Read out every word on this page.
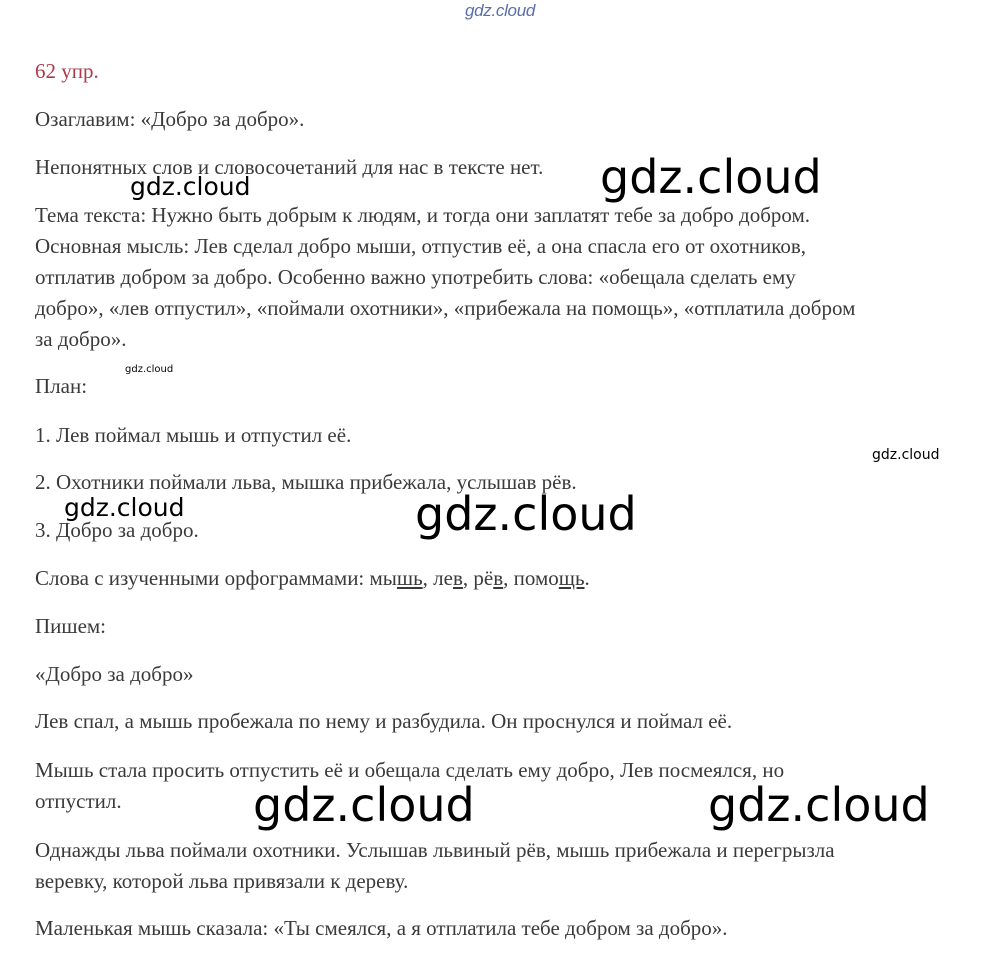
gdz.cloud

62 упр.

Озаглавим: «Добро за добро».

Непонятных слов и словосочетаний для нас в тексте нет.

Тема текста: Нужно быть добрым к людям, и тогда они заплатят тебе за добро добром.

Основная мысль: Лев сделал добро мыши, отпустив её, а она спасла его от охотников,

отплатив добром за добро. Особенно важно употребить слова: «обещала сделать ему

добро», «лев отпустил», «поймали охотники», «прибежала на помощь», «отплатила добром

за добро».

План:

1. Лев поймал мышь и отпустил её.

2. Охотники поймали льва, мышка прибежала, услышав рёв.

3. Добро за добро.

Слова с изученными орфограммами: мышь, лев, рёв, помощь.

Пишем:

«Добро за добро»

Лев спал, а мышь пробежала по нему и разбудила. Он проснулся и поймал её.

Мышь стала просить отпустить её и обещала сделать ему добро, Лев посмеялся, но

отпустил.

Однажды льва поймали охотники. Услышав львиный рёв, мышь прибежала и перегрызла

веревку, которой льва привязали к дереву.

Маленькая мышь сказала: «Ты смеялся, а я отплатила тебе добром за добро».

gdz.cloud

gdz.cloud

gdz.cloud

gdz.cloud

gdz.cloud

gdz.cloud

gdz.cloud	gdz.cloud
